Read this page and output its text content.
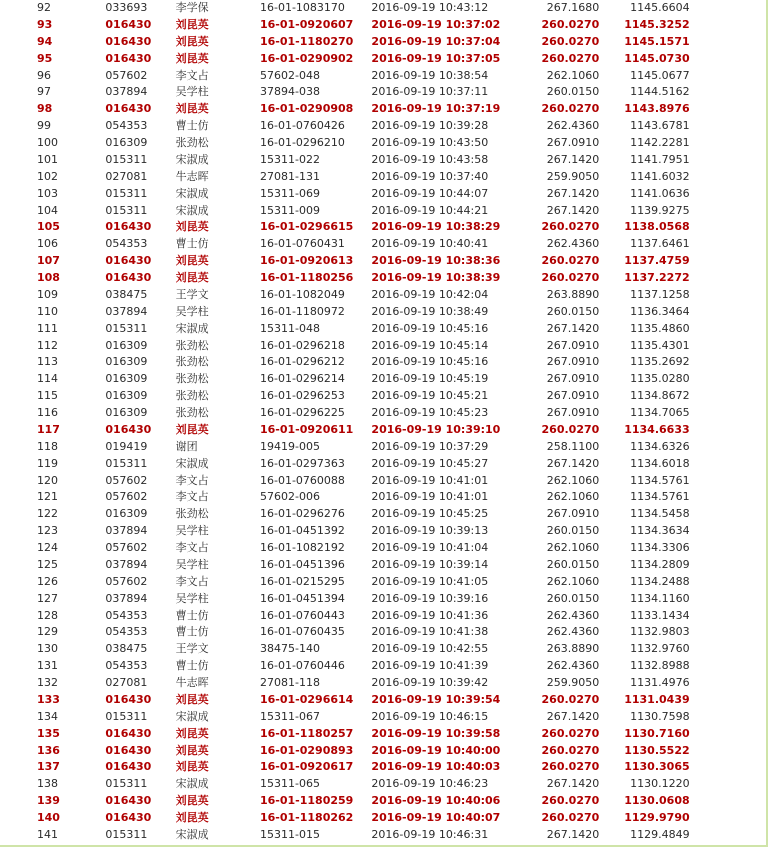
92	033693	李学保	16-01-1083170	2016-09-19 10:43:12	267.1680	1145.6604	
93	016430	刘昆英	16-01-0920607	2016-09-19 10:37:02	260.0270	1145.3252	
94	016430	刘昆英	16-01-1180270	2016-09-19 10:37:04	260.0270	1145.1571	
95	016430	刘昆英	16-01-0290902	2016-09-19 10:37:05	260.0270	1145.0730	
96	057602	李文占	57602-048	2016-09-19 10:38:54	262.1060	1145.0677	
97	037894	吴学柱	37894-038	2016-09-19 10:37:11	260.0150	1144.5162	
98	016430	刘昆英	16-01-0290908	2016-09-19 10:37:19	260.0270	1143.8976	
99	054353	曹士仿	16-01-0760426	2016-09-19 10:39:28	262.4360	1143.6781	
100	016309	张劲松	16-01-0296210	2016-09-19 10:43:50	267.0910	1142.2281	
101	015311	宋淑成	15311-022	2016-09-19 10:43:58	267.1420	1141.7951	
102	027081	牛志晖	27081-131	2016-09-19 10:37:40	259.9050	1141.6032	
103	015311	宋淑成	15311-069	2016-09-19 10:44:07	267.1420	1141.0636	
104	015311	宋淑成	15311-009	2016-09-19 10:44:21	267.1420	1139.9275	
105	016430	刘昆英	16-01-0296615	2016-09-19 10:38:29	260.0270	1138.0568	
106	054353	曹士仿	16-01-0760431	2016-09-19 10:40:41	262.4360	1137.6461	
107	016430	刘昆英	16-01-0920613	2016-09-19 10:38:36	260.0270	1137.4759	
108	016430	刘昆英	16-01-1180256	2016-09-19 10:38:39	260.0270	1137.2272	
109	038475	王学文	16-01-1082049	2016-09-19 10:42:04	263.8890	1137.1258	
110	037894	吴学柱	16-01-1180972	2016-09-19 10:38:49	260.0150	1136.3464	
111	015311	宋淑成	15311-048	2016-09-19 10:45:16	267.1420	1135.4860	
112	016309	张劲松	16-01-0296218	2016-09-19 10:45:14	267.0910	1135.4301	
113	016309	张劲松	16-01-0296212	2016-09-19 10:45:16	267.0910	1135.2692	
114	016309	张劲松	16-01-0296214	2016-09-19 10:45:19	267.0910	1135.0280	
115	016309	张劲松	16-01-0296253	2016-09-19 10:45:21	267.0910	1134.8672	
116	016309	张劲松	16-01-0296225	2016-09-19 10:45:23	267.0910	1134.7065	
117	016430	刘昆英	16-01-0920611	2016-09-19 10:39:10	260.0270	1134.6633	
118	019419	谢团	19419-005	2016-09-19 10:37:29	258.1100	1134.6326	
119	015311	宋淑成	16-01-0297363	2016-09-19 10:45:27	267.1420	1134.6018	
120	057602	李文占	16-01-0760088	2016-09-19 10:41:01	262.1060	1134.5761	
121	057602	李文占	57602-006	2016-09-19 10:41:01	262.1060	1134.5761	
122	016309	张劲松	16-01-0296276	2016-09-19 10:45:25	267.0910	1134.5458	
123	037894	吴学柱	16-01-0451392	2016-09-19 10:39:13	260.0150	1134.3634	
124	057602	李文占	16-01-1082192	2016-09-19 10:41:04	262.1060	1134.3306	
125	037894	吴学柱	16-01-0451396	2016-09-19 10:39:14	260.0150	1134.2809	
126	057602	李文占	16-01-0215295	2016-09-19 10:41:05	262.1060	1134.2488	
127	037894	吴学柱	16-01-0451394	2016-09-19 10:39:16	260.0150	1134.1160	
128	054353	曹士仿	16-01-0760443	2016-09-19 10:41:36	262.4360	1133.1434	
129	054353	曹士仿	16-01-0760435	2016-09-19 10:41:38	262.4360	1132.9803	
130	038475	王学文	38475-140	2016-09-19 10:42:55	263.8890	1132.9760	
131	054353	曹士仿	16-01-0760446	2016-09-19 10:41:39	262.4360	1132.8988	
132	027081	牛志晖	27081-118	2016-09-19 10:39:42	259.9050	1131.4976	
133	016430	刘昆英	16-01-0296614	2016-09-19 10:39:54	260.0270	1131.0439	
134	015311	宋淑成	15311-067	2016-09-19 10:46:15	267.1420	1130.7598	
135	016430	刘昆英	16-01-1180257	2016-09-19 10:39:58	260.0270	1130.7160	
136	016430	刘昆英	16-01-0290893	2016-09-19 10:40:00	260.0270	1130.5522	
137	016430	刘昆英	16-01-0920617	2016-09-19 10:40:03	260.0270	1130.3065	
138	015311	宋淑成	15311-065	2016-09-19 10:46:23	267.1420	1130.1220	
139	016430	刘昆英	16-01-1180259	2016-09-19 10:40:06	260.0270	1130.0608	
140	016430	刘昆英	16-01-1180262	2016-09-19 10:40:07	260.0270	1129.9790	
141	015311	宋淑成	15311-015	2016-09-19 10:46:31	267.1420	1129.4849	
